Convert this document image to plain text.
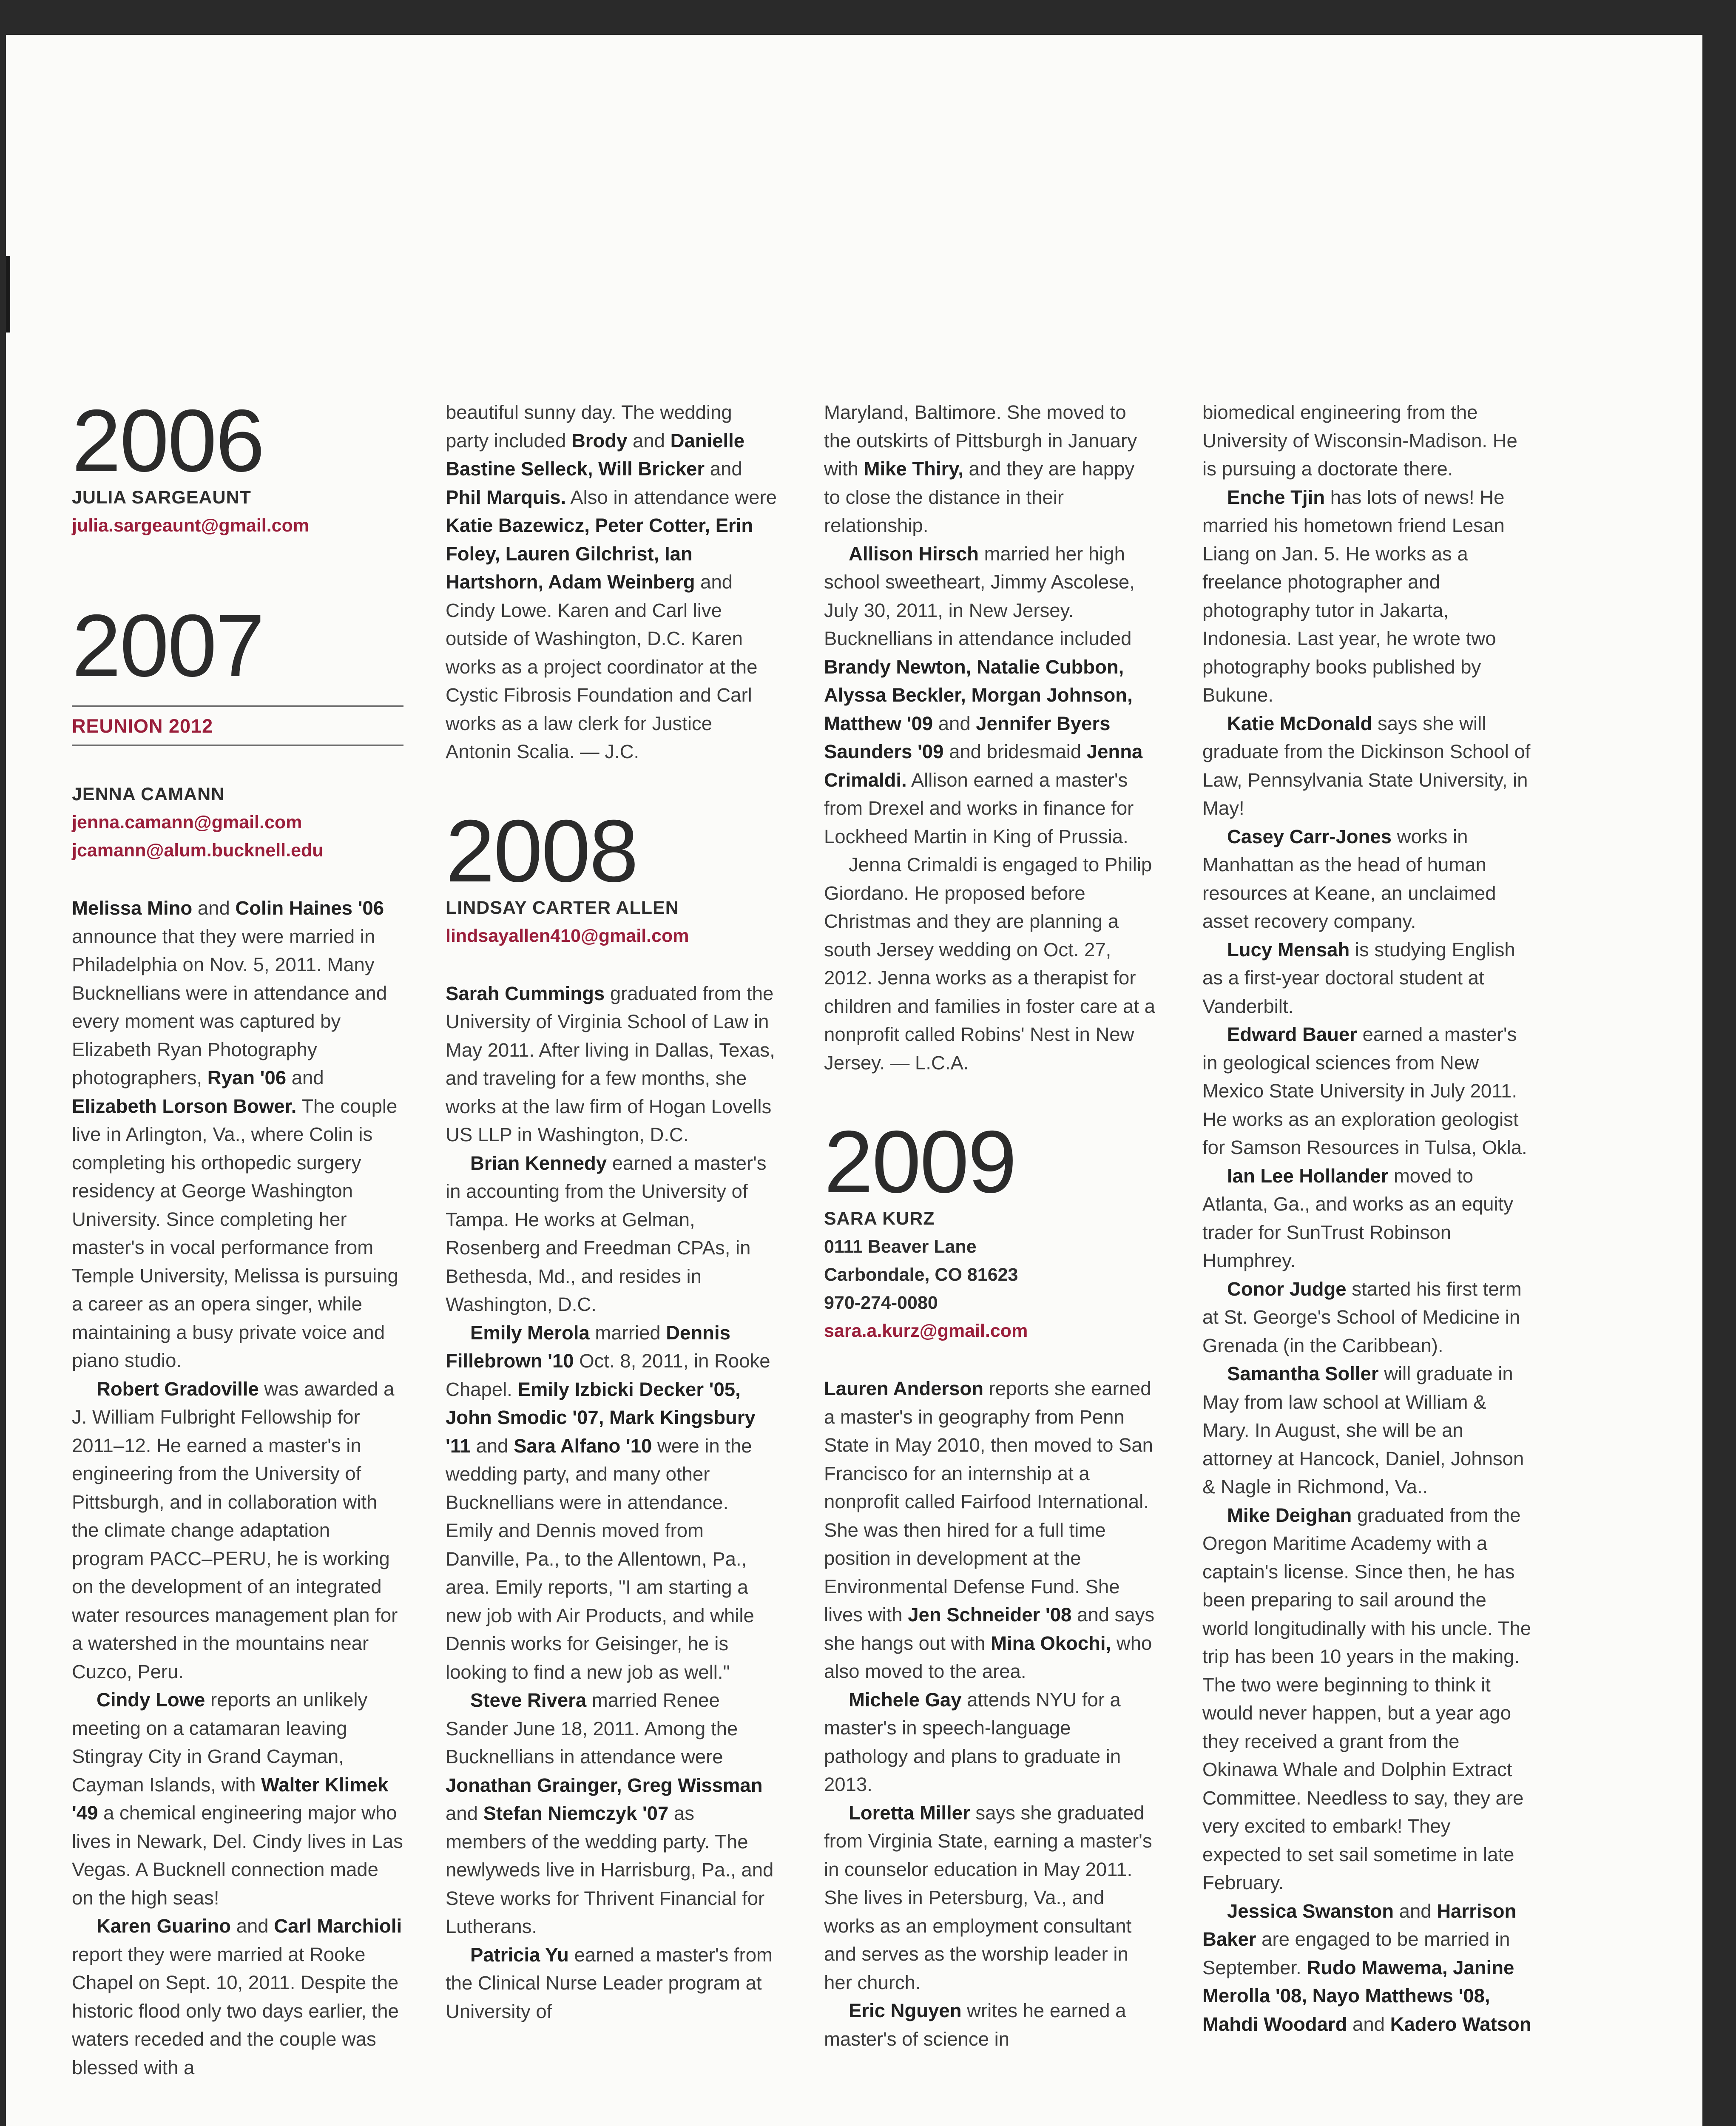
2006
JULIA SARGEAUNT
julia.sargeaunt@gmail.com
2007
REUNION 2012
JENNA CAMANN
jenna.camann@gmail.com
jcamann@alum.bucknell.edu

Melissa Mino and Colin Haines '06 announce that they were married in Philadelphia on Nov. 5, 2011. Many Bucknellians were in attendance and every moment was captured by Elizabeth Ryan Photography photographers, Ryan '06 and Elizabeth Lorson Bower. The couple live in Arlington, Va., where Colin is completing his orthopedic surgery residency at George Washington University. Since completing her master's in vocal performance from Temple University, Melissa is pursuing a career as an opera singer, while maintaining a busy private voice and piano studio.

Robert Gradoville was awarded a J. William Fulbright Fellowship for 2011–12. He earned a master's in engineering from the University of Pittsburgh, and in collaboration with the climate change adaptation program PACC–PERU, he is working on the development of an integrated water resources management plan for a watershed in the mountains near Cuzco, Peru.

Cindy Lowe reports an unlikely meeting on a catamaran leaving Stingray City in Grand Cayman, Cayman Islands, with Walter Klimek '49 a chemical engineering major who lives in Newark, Del. Cindy lives in Las Vegas. A Bucknell connection made on the high seas!

Karen Guarino and Carl Marchioli report they were married at Rooke Chapel on Sept. 10, 2011. Despite the historic flood only two days earlier, the waters receded and the couple was blessed with a

beautiful sunny day. The wedding party included Brody and Danielle Bastine Selleck, Will Bricker and Phil Marquis. Also in attendance were Katie Bazewicz, Peter Cotter, Erin Foley, Lauren Gilchrist, Ian Hartshorn, Adam Weinberg and Cindy Lowe. Karen and Carl live outside of Washington, D.C. Karen works as a project coordinator at the Cystic Fibrosis Foundation and Carl works as a law clerk for Justice Antonin Scalia. — J.C.

2008
LINDSAY CARTER ALLEN
lindsayallen410@gmail.com

Sarah Cummings graduated from the University of Virginia School of Law in May 2011. After living in Dallas, Texas, and traveling for a few months, she works at the law firm of Hogan Lovells US LLP in Washington, D.C.

Brian Kennedy earned a master's in accounting from the University of Tampa. He works at Gelman, Rosenberg and Freedman CPAs, in Bethesda, Md., and resides in Washington, D.C.

Emily Merola married Dennis Fillebrown '10 Oct. 8, 2011, in Rooke Chapel. Emily Izbicki Decker '05, John Smodic '07, Mark Kingsbury '11 and Sara Alfano '10 were in the wedding party, and many other Bucknellians were in attendance. Emily and Dennis moved from Danville, Pa., to the Allentown, Pa., area. Emily reports, "I am starting a new job with Air Products, and while Dennis works for Geisinger, he is looking to find a new job as well."

Steve Rivera married Renee Sander June 18, 2011. Among the Bucknellians in attendance were Jonathan Grainger, Greg Wissman and Stefan Niemczyk '07 as members of the wedding party. The newlyweds live in Harrisburg, Pa., and Steve works for Thrivent Financial for Lutherans.

Patricia Yu earned a master's from the Clinical Nurse Leader program at University of

Maryland, Baltimore. She moved to the outskirts of Pittsburgh in January with Mike Thiry, and they are happy to close the distance in their relationship.

Allison Hirsch married her high school sweetheart, Jimmy Ascolese, July 30, 2011, in New Jersey. Bucknellians in attendance included Brandy Newton, Natalie Cubbon, Alyssa Beckler, Morgan Johnson, Matthew '09 and Jennifer Byers Saunders '09 and bridesmaid Jenna Crimaldi. Allison earned a master's from Drexel and works in finance for Lockheed Martin in King of Prussia.

Jenna Crimaldi is engaged to Philip Giordano. He proposed before Christmas and they are planning a south Jersey wedding on Oct. 27, 2012. Jenna works as a therapist for children and families in foster care at a nonprofit called Robins' Nest in New Jersey. — L.C.A.

2009
SARA KURZ
0111 Beaver Lane
Carbondale, CO 81623
970-274-0080
sara.a.kurz@gmail.com

Lauren Anderson reports she earned a master's in geography from Penn State in May 2010, then moved to San Francisco for an internship at a nonprofit called Fairfood International. She was then hired for a full time position in development at the Environmental Defense Fund. She lives with Jen Schneider '08 and says she hangs out with Mina Okochi, who also moved to the area.

Michele Gay attends NYU for a master's in speech-language pathology and plans to graduate in 2013.

Loretta Miller says she graduated from Virginia State, earning a master's in counselor education in May 2011. She lives in Petersburg, Va., and works as an employment consultant and serves as the worship leader in her church.

Eric Nguyen writes he earned a master's of science in

biomedical engineering from the University of Wisconsin-Madison. He is pursuing a doctorate there.

Enche Tjin has lots of news! He married his hometown friend Lesan Liang on Jan. 5. He works as a freelance photographer and photography tutor in Jakarta, Indonesia. Last year, he wrote two photography books published by Bukune.

Katie McDonald says she will graduate from the Dickinson School of Law, Pennsylvania State University, in May!

Casey Carr-Jones works in Manhattan as the head of human resources at Keane, an unclaimed asset recovery company.

Lucy Mensah is studying English as a first-year doctoral student at Vanderbilt.

Edward Bauer earned a master's in geological sciences from New Mexico State University in July 2011. He works as an exploration geologist for Samson Resources in Tulsa, Okla.

Ian Lee Hollander moved to Atlanta, Ga., and works as an equity trader for SunTrust Robinson Humphrey.

Conor Judge started his first term at St. George's School of Medicine in Grenada (in the Caribbean).

Samantha Soller will graduate in May from law school at William & Mary. In August, she will be an attorney at Hancock, Daniel, Johnson & Nagle in Richmond, Va..

Mike Deighan graduated from the Oregon Maritime Academy with a captain's license. Since then, he has been preparing to sail around the world longitudinally with his uncle. The trip has been 10 years in the making. The two were beginning to think it would never happen, but a year ago they received a grant from the Okinawa Whale and Dolphin Extract Committee. Needless to say, they are very excited to embark! They expected to set sail sometime in late February.

Jessica Swanston and Harrison Baker are engaged to be married in September. Rudo Mawema, Janine Merolla '08, Nayo Matthews '08, Mahdi Woodard and Kadero Watson
